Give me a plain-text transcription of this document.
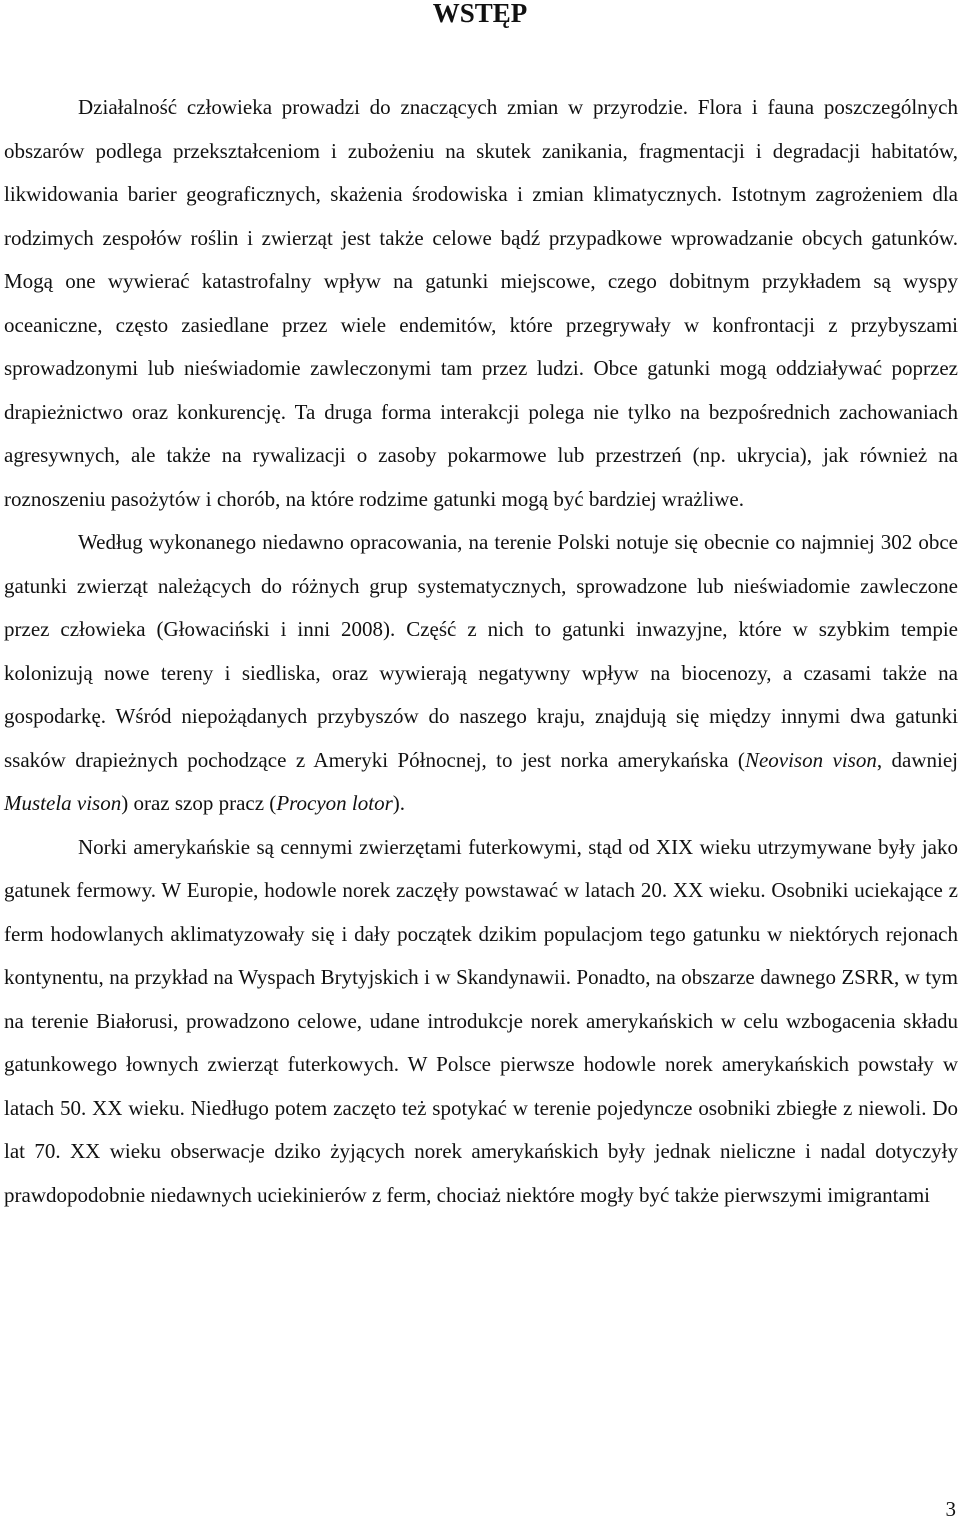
WSTĘP

Działalność człowieka prowadzi do znaczących zmian w przyrodzie. Flora i fauna poszczególnych obszarów podlega przekształceniom i zubożeniu na skutek zanikania, fragmentacji i degradacji habitatów, likwidowania barier geograficznych, skażenia środowiska i zmian klimatycznych. Istotnym zagrożeniem dla rodzimych zespołów roślin i zwierząt jest także celowe bądź przypadkowe wprowadzanie obcych gatunków. Mogą one wywierać katastrofalny wpływ na gatunki miejscowe, czego dobitnym przykładem są wyspy oceaniczne, często zasiedlane przez wiele endemitów, które przegrywały w konfrontacji z przybyszami sprowadzonymi lub nieświadomie zawleczonymi tam przez ludzi. Obce gatunki mogą oddziaływać poprzez drapieżnictwo oraz konkurencję. Ta druga forma interakcji polega nie tylko na bezpośrednich zachowaniach agresywnych, ale także na rywalizacji o zasoby pokarmowe lub przestrzeń (np. ukrycia), jak również na roznoszeniu pasożytów i chorób, na które rodzime gatunki mogą być bardziej wrażliwe.

Według wykonanego niedawno opracowania, na terenie Polski notuje się obecnie co najmniej 302 obce gatunki zwierząt należących do różnych grup systematycznych, sprowadzone lub nieświadomie zawleczone przez człowieka (Głowaciński i inni 2008). Część z nich to gatunki inwazyjne, które w szybkim tempie kolonizują nowe tereny i siedliska, oraz wywierają negatywny wpływ na biocenozy, a czasami także na gospodarkę. Wśród niepożądanych przybyszów do naszego kraju, znajdują się między innymi dwa gatunki ssaków drapieżnych pochodzące z Ameryki Północnej, to jest norka amerykańska (Neovison vison, dawniej Mustela vison) oraz szop pracz (Procyon lotor).

Norki amerykańskie są cennymi zwierzętami futerkowymi, stąd od XIX wieku utrzymywane były jako gatunek fermowy. W Europie, hodowle norek zaczęły powstawać w latach 20. XX wieku. Osobniki uciekające z ferm hodowlanych aklimatyzowały się i dały początek dzikim populacjom tego gatunku w niektórych rejonach kontynentu, na przykład na Wyspach Brytyjskich i w Skandynawii. Ponadto, na obszarze dawnego ZSRR, w tym na terenie Białorusi, prowadzono celowe, udane introdukcje norek amerykańskich w celu wzbogacenia składu gatunkowego łownych zwierząt futerkowych. W Polsce pierwsze hodowle norek amerykańskich powstały w latach 50. XX wieku. Niedługo potem zaczęto też spotykać w terenie pojedyncze osobniki zbiegłe z niewoli. Do lat 70. XX wieku obserwacje dziko żyjących norek amerykańskich były jednak nieliczne i nadal dotyczyły prawdopodobnie niedawnych uciekinierów z ferm, chociaż niektóre mogły być także pierwszymi imigrantami

3
